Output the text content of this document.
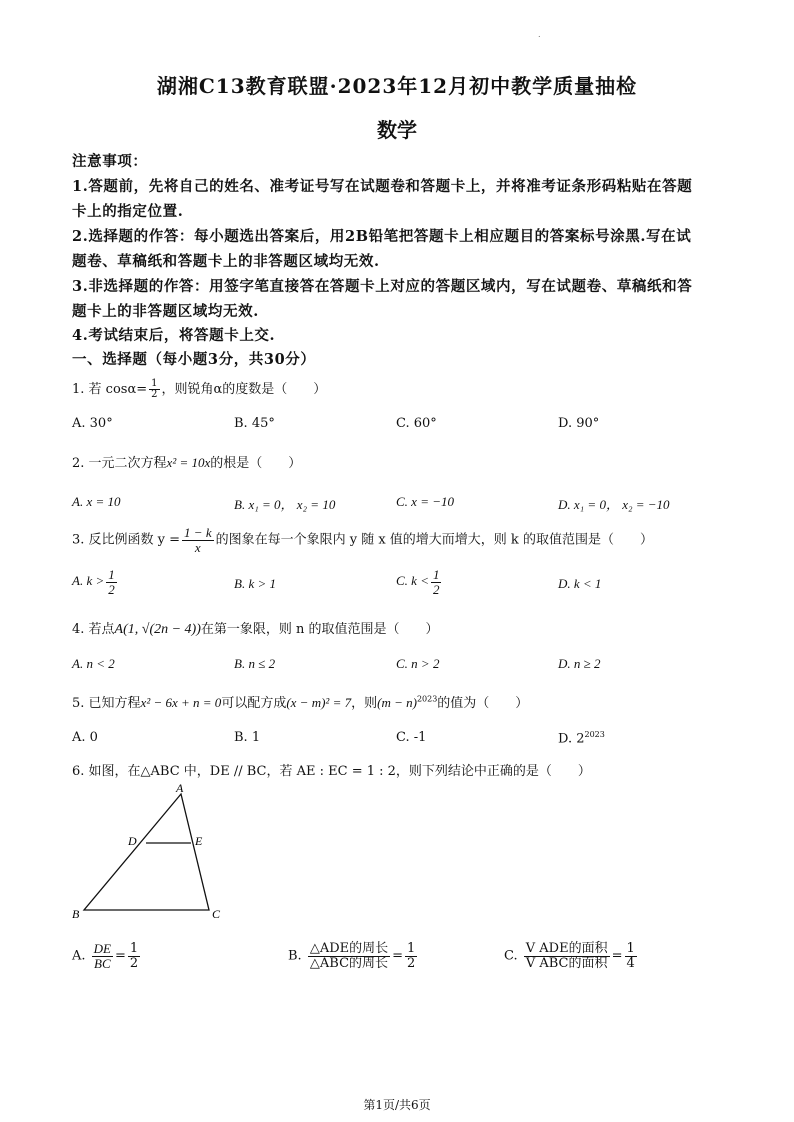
.
湖湘C13教育联盟·2023年12月初中教学质量抽检
数学
注意事项：
1.答题前，先将自己的姓名、准考证号写在试题卷和答题卡上，并将准考证条形码粘贴在答题
卡上的指定位置.
2.选择题的作答：每小题选出答案后，用2B铅笔把答题卡上相应题目的答案标号涂黑.写在试
题卷、草稿纸和答题卡上的非答题区域均无效.
3.非选择题的作答：用签字笔直接答在答题卡上对应的答题区域内，写在试题卷、草稿纸和答
题卡上的非答题区域均无效.
4.考试结束后，将答题卡上交.
一、选择题（每小题3分，共30分）
1. 若 $\cos\alpha= \frac{1}{2}$ ，则锐角α的度数是（　　）
A. 30°	B. 45°	C. 60°	D. 90°
2. 一元二次方程x² = 10x的根是（　　）
A. x = 10	B. x₁ = 0， x₂ = 10	C. x = −10	D. x₁ = 0， x₂ = −10
3. 反比例函数 $y = \frac{1 - k}{x}$ 的图象在每一个象限内 y 随 x 值的增大而增大，则 k 的取值范围是（　　）
A. $k > \frac{1}{2}$	B. k > 1	C. $k < \frac{1}{2}$	D. k < 1
4. 若点A(1, √(2n − 4))在第一象限，则 n 的取值范围是（　　）
A. n < 2	B. n ≤ 2	C. n > 2	D. n ≥ 2
5. 已知方程x² − 6x + n = 0可以配方成(x − m)² = 7，则$(m - n)^{2023}$的值为（　　）
A. 0	B. 1	C. -1	D. $2^{2023}$
6. 如图，在△ABC 中，DE // BC，若 AE : EC = 1 : 2，则下列结论中正确的是（　　）
A
D	E
B	C
A. $\frac{DE}{BC} = \frac{1}{2}$	B. $\frac{\text{△ADE的周长}}{\text{△ABC的周长}} = \frac{1}{2}$	C. $\frac{\text{V ADE的面积}}{\text{V ABC的面积}} = \frac{1}{4}$
第1页/共6页
